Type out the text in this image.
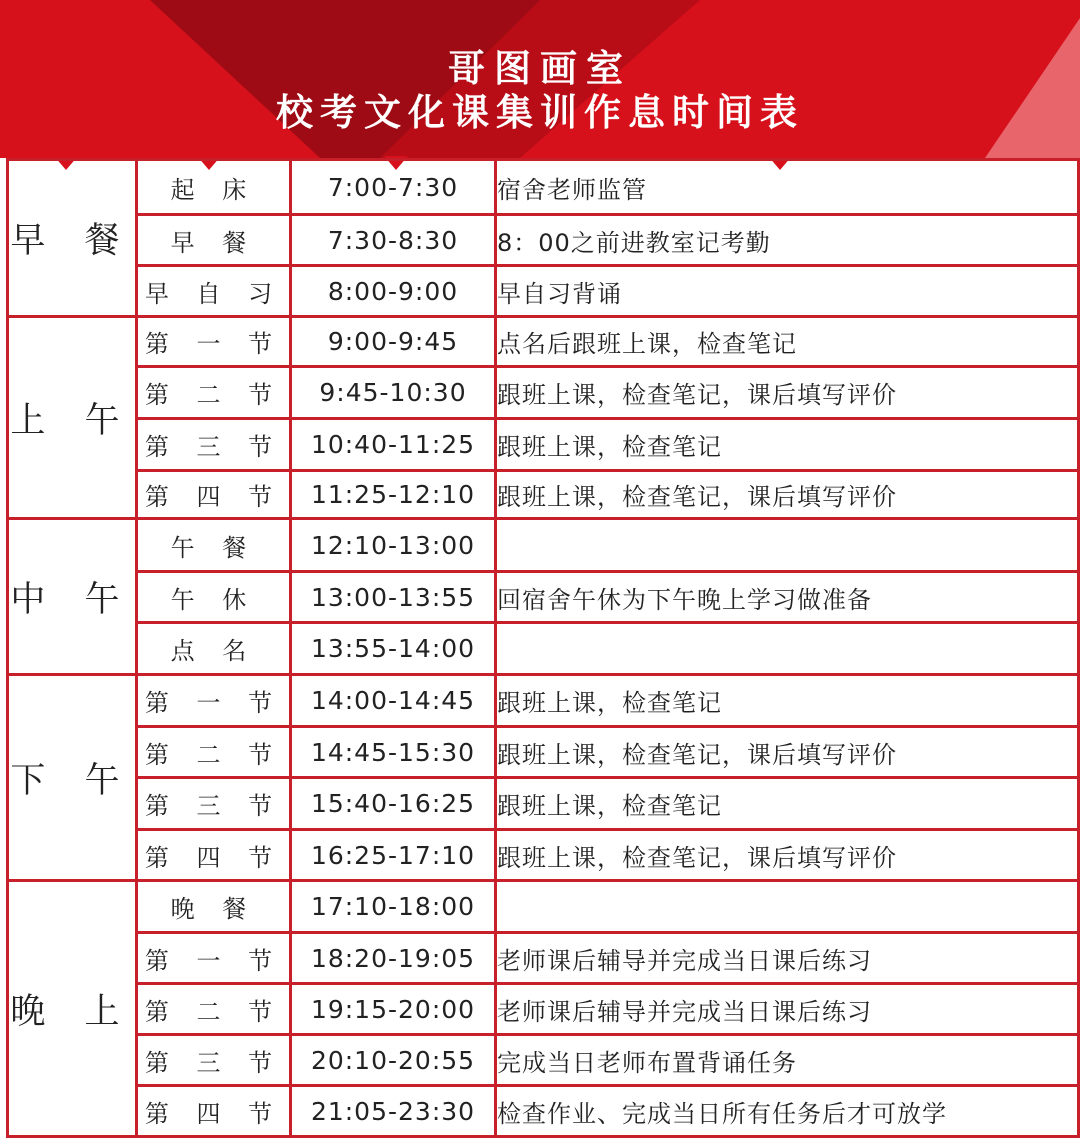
哥图画室
校考文化课集训作息时间表
早 餐	起 床	7:00-7:30	宿舍老师监管
	早 餐	7:30-8:30	8：00之前进教室记考勤
	早 自 习	8:00-9:00	早自习背诵
上 午	第 一 节	9:00-9:45	点名后跟班上课，检查笔记
	第 二 节	9:45-10:30	跟班上课，检查笔记，课后填写评价
	第 三 节	10:40-11:25	跟班上课，检查笔记
	第 四 节	11:25-12:10	跟班上课，检查笔记，课后填写评价
中 午	午 餐	12:10-13:00	
	午 休	13:00-13:55	回宿舍午休为下午晚上学习做准备
	点 名	13:55-14:00	
下 午	第 一 节	14:00-14:45	跟班上课，检查笔记
	第 二 节	14:45-15:30	跟班上课，检查笔记，课后填写评价
	第 三 节	15:40-16:25	跟班上课，检查笔记
	第 四 节	16:25-17:10	跟班上课，检查笔记，课后填写评价
晚 上	晚 餐	17:10-18:00	
	第 一 节	18:20-19:05	老师课后辅导并完成当日课后练习
	第 二 节	19:15-20:00	老师课后辅导并完成当日课后练习
	第 三 节	20:10-20:55	完成当日老师布置背诵任务
	第 四 节	21:05-23:30	检查作业、完成当日所有任务后才可放学
